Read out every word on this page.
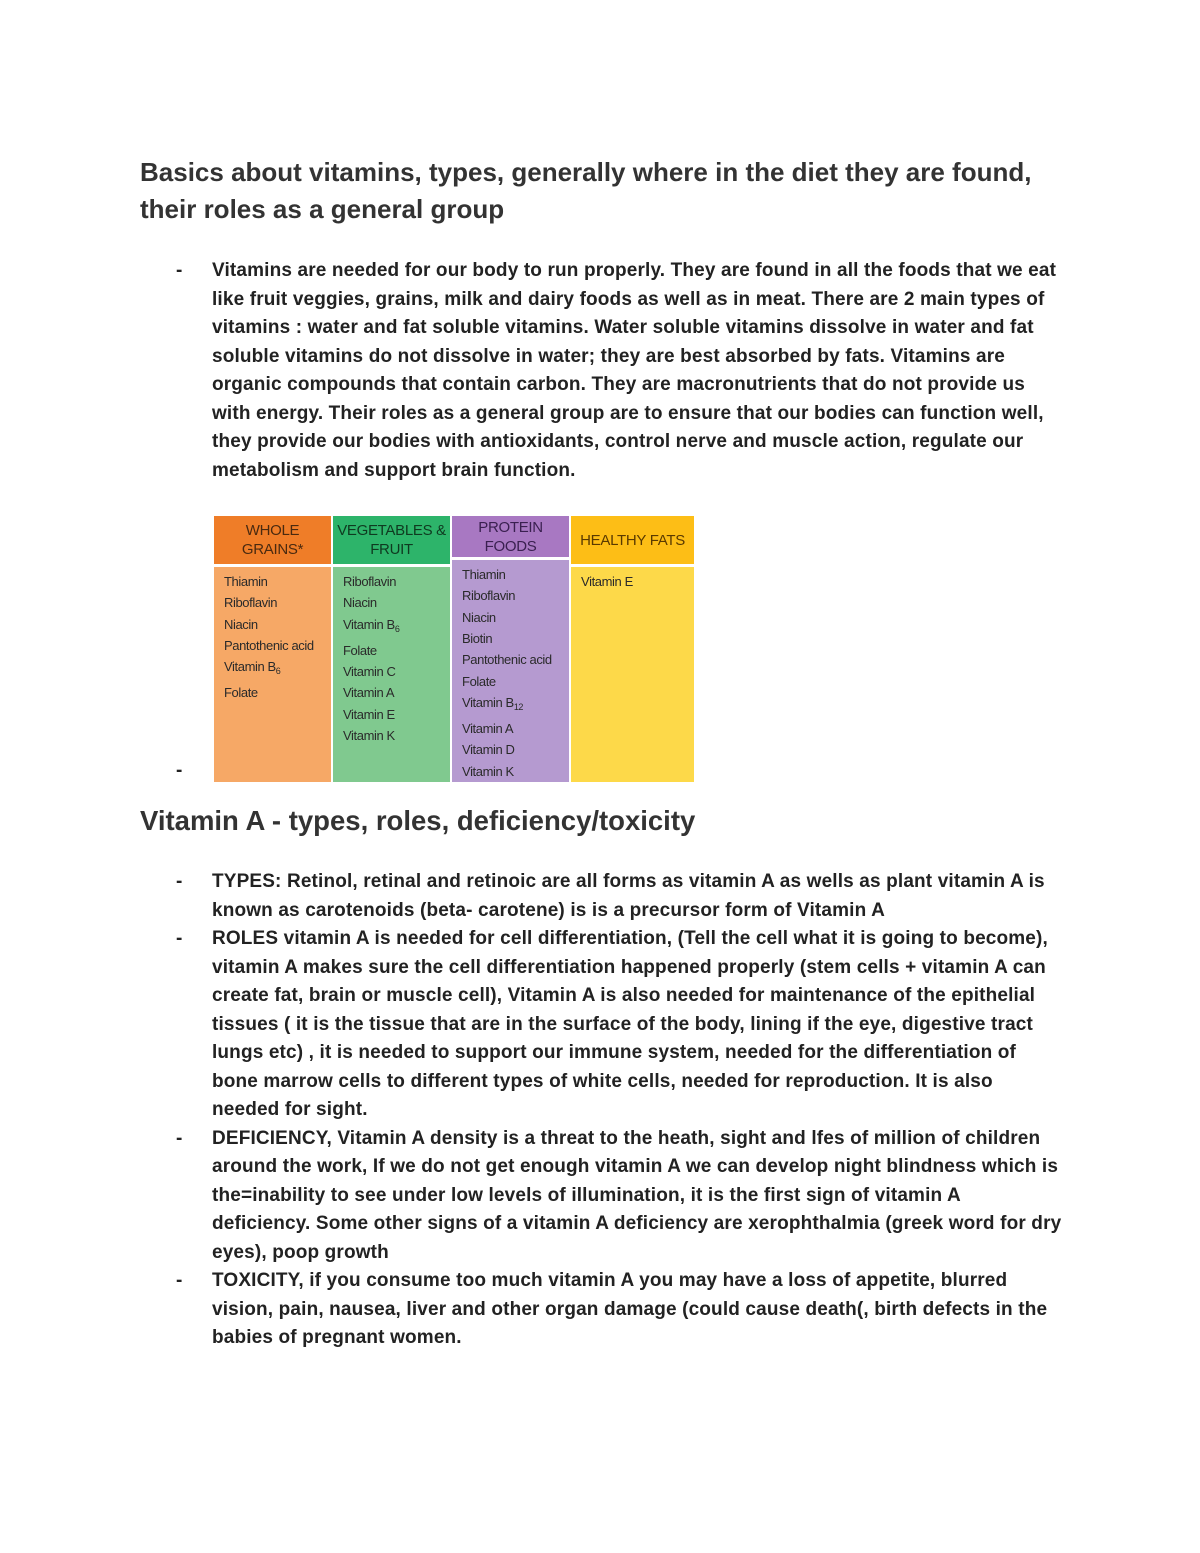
Basics about vitamins, types, generally where in the diet they are found, their roles as a general group
- Vitamins are needed for our body to run properly. They are found in all the foods that we eat like fruit veggies, grains, milk and dairy foods as well as in meat. There are 2 main types of vitamins : water and fat soluble vitamins. Water soluble vitamins dissolve in water and fat soluble vitamins do not dissolve in water; they are best absorbed by fats. Vitamins are organic compounds that contain carbon. They are macronutrients that do not provide us with energy. Their roles as a general group are to ensure that our bodies can function well, they provide our bodies with antioxidants, control nerve and muscle action, regulate our metabolism and support brain function.

WHOLE GRAINS*
Thiamin
Riboflavin
Niacin
Pantothenic acid
Vitamin $B_6$
Folate
VEGETABLES & FRUIT
Riboflavin
Niacin
Vitamin $B_6$
Folate
Vitamin C
Vitamin A
Vitamin E
Vitamin K
PROTEIN FOODS
Thiamin
Riboflavin
Niacin
Biotin
Pantothenic acid
Folate
Vitamin $B_{12}$
Vitamin A
Vitamin D
Vitamin K
HEALTHY FATS
Vitamin E
-
Vitamin A - types, roles, deficiency/toxicity
- TYPES: Retinol, retinal and retinoic are all forms as vitamin A as wells as plant vitamin A is known as carotenoids (beta- carotene) is is a precursor form of Vitamin A

- ROLES vitamin A is needed for cell differentiation, (Tell the cell what it is going to become), vitamin A makes sure the cell differentiation happened properly (stem cells + vitamin A can create fat, brain or muscle cell), Vitamin A is also needed for maintenance of the epithelial tissues ( it is the tissue that are in the surface of the body, lining if the eye, digestive tract lungs etc) , it is needed to support our immune system, needed for the differentiation of bone marrow cells to different types of white cells, needed for reproduction. It is also needed for sight.

- DEFICIENCY, Vitamin A density is a threat to the heath, sight and lfes of million of children around the work, If we do not get enough vitamin A we can develop night blindness which is the=inability to see under low levels of illumination, it is the first sign of vitamin A deficiency. Some other signs of a vitamin A deficiency are xerophthalmia (greek word for dry eyes), poop growth

- TOXICITY, if you consume too much vitamin A you may have a loss of appetite, blurred vision, pain, nausea, liver and other organ damage (could cause death(, birth defects in the babies of pregnant women.
